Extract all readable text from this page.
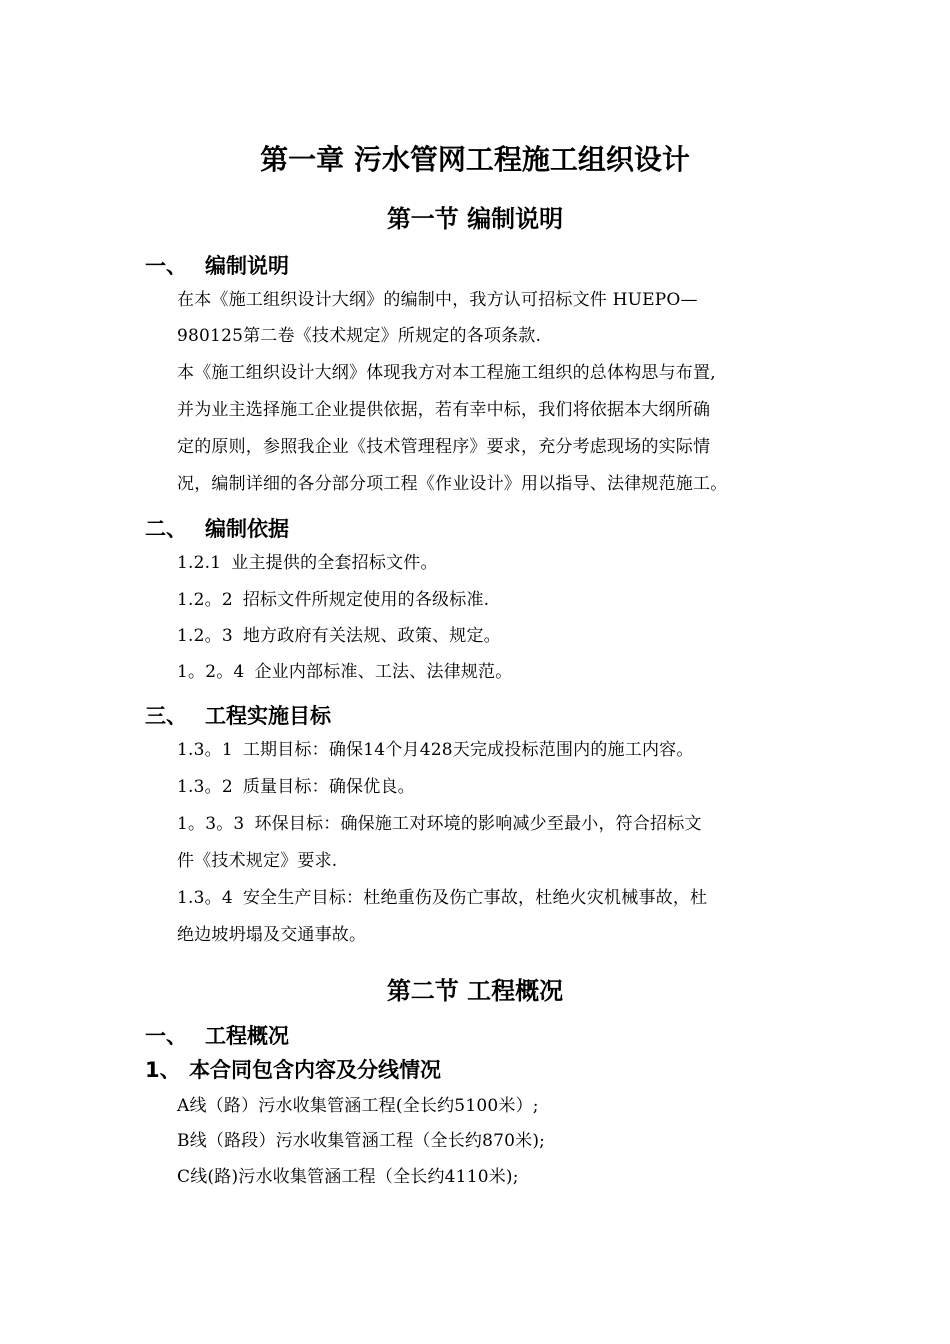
第一章 污水管网工程施工组织设计
第一节 编制说明
一、 编制说明

在本《施工组织设计大纲》的编制中，我方认可招标文件 HUEPO—

980125第二卷《技术规定》所规定的各项条款.

本《施工组织设计大纲》体现我方对本工程施工组织的总体构思与布置,

并为业主选择施工企业提供依据，若有幸中标，我们将依据本大纲所确

定的原则，参照我企业《技术管理程序》要求，充分考虑现场的实际情

况，编制详细的各分部分项工程《作业设计》用以指导、法律规范施工。

二、 编制依据

1.2.1 业主提供的全套招标文件。

1.2。2 招标文件所规定使用的各级标准.

1.2。3 地方政府有关法规、政策、规定。

1。2。4 企业内部标准、工法、法律规范。

三、 工程实施目标

1.3。1 工期目标：确保14个月428天完成投标范围内的施工内容。

1.3。2 质量目标：确保优良。

1。3。3 环保目标：确保施工对环境的影响减少至最小，符合招标文

件《技术规定》要求.

1.3。4 安全生产目标：杜绝重伤及伤亡事故，杜绝火灾机械事故，杜

绝边坡坍塌及交通事故。

第二节 工程概况
一、 工程概况
1、 本合同包含内容及分线情况

A线（路）污水收集管涵工程(全长约5100米）;

B线（路段）污水收集管涵工程（全长约870米);

C线(路)污水收集管涵工程（全长约4110米);
